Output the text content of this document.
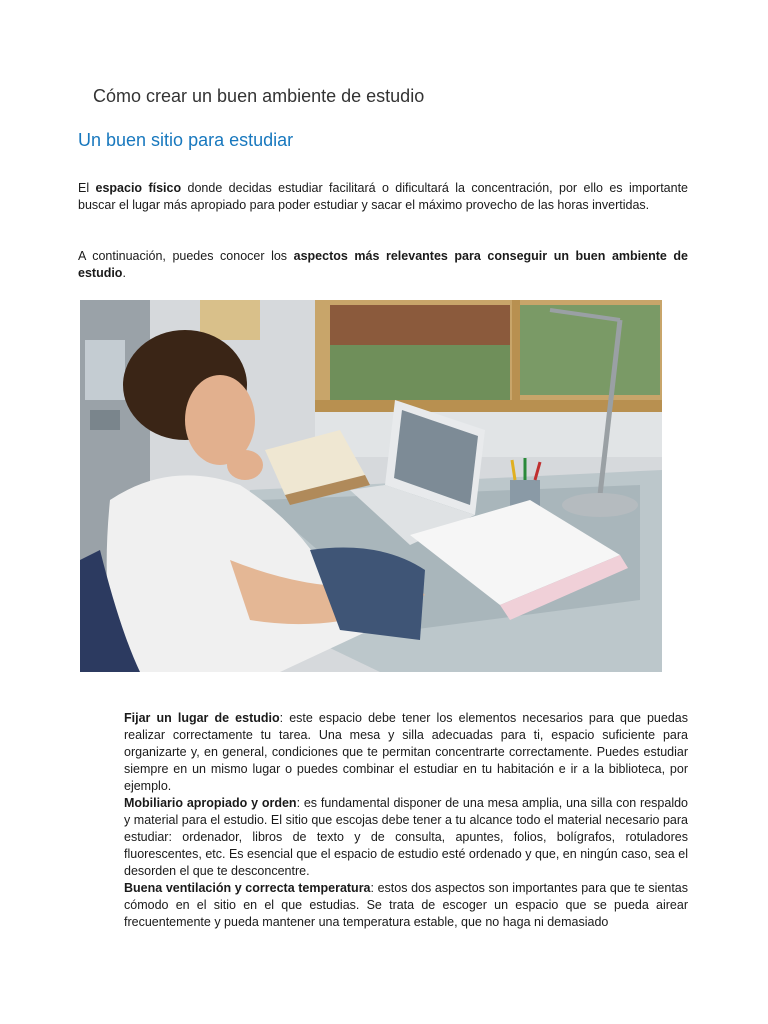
Cómo crear un buen ambiente de estudio
Un buen sitio para estudiar

El espacio físico donde decidas estudiar facilitará o dificultará la concentración, por ello es importante buscar el lugar más apropiado para poder estudiar y sacar el máximo provecho de las horas invertidas.

A continuación, puedes conocer los aspectos más relevantes para conseguir un buen ambiente de estudio.

Fijar un lugar de estudio: este espacio debe tener los elementos necesarios para que puedas realizar correctamente tu tarea. Una mesa y silla adecuadas para ti, espacio suficiente para organizarte y, en general, condiciones que te permitan concentrarte correctamente. Puedes estudiar siempre en un mismo lugar o puedes combinar el estudiar en tu habitación e ir a la biblioteca, por ejemplo.

Mobiliario apropiado y orden: es fundamental disponer de una mesa amplia, una silla con respaldo y material para el estudio. El sitio que escojas debe tener a tu alcance todo el material necesario para estudiar: ordenador, libros de texto y de consulta, apuntes, folios, bolígrafos, rotuladores fluorescentes, etc. Es esencial que el espacio de estudio esté ordenado y que, en ningún caso, sea el desorden el que te desconcentre.

Buena ventilación y correcta temperatura: estos dos aspectos son importantes para que te sientas cómodo en el sitio en el que estudias. Se trata de escoger un espacio que se pueda airear frecuentemente y pueda mantener una temperatura estable, que no haga ni demasiado
